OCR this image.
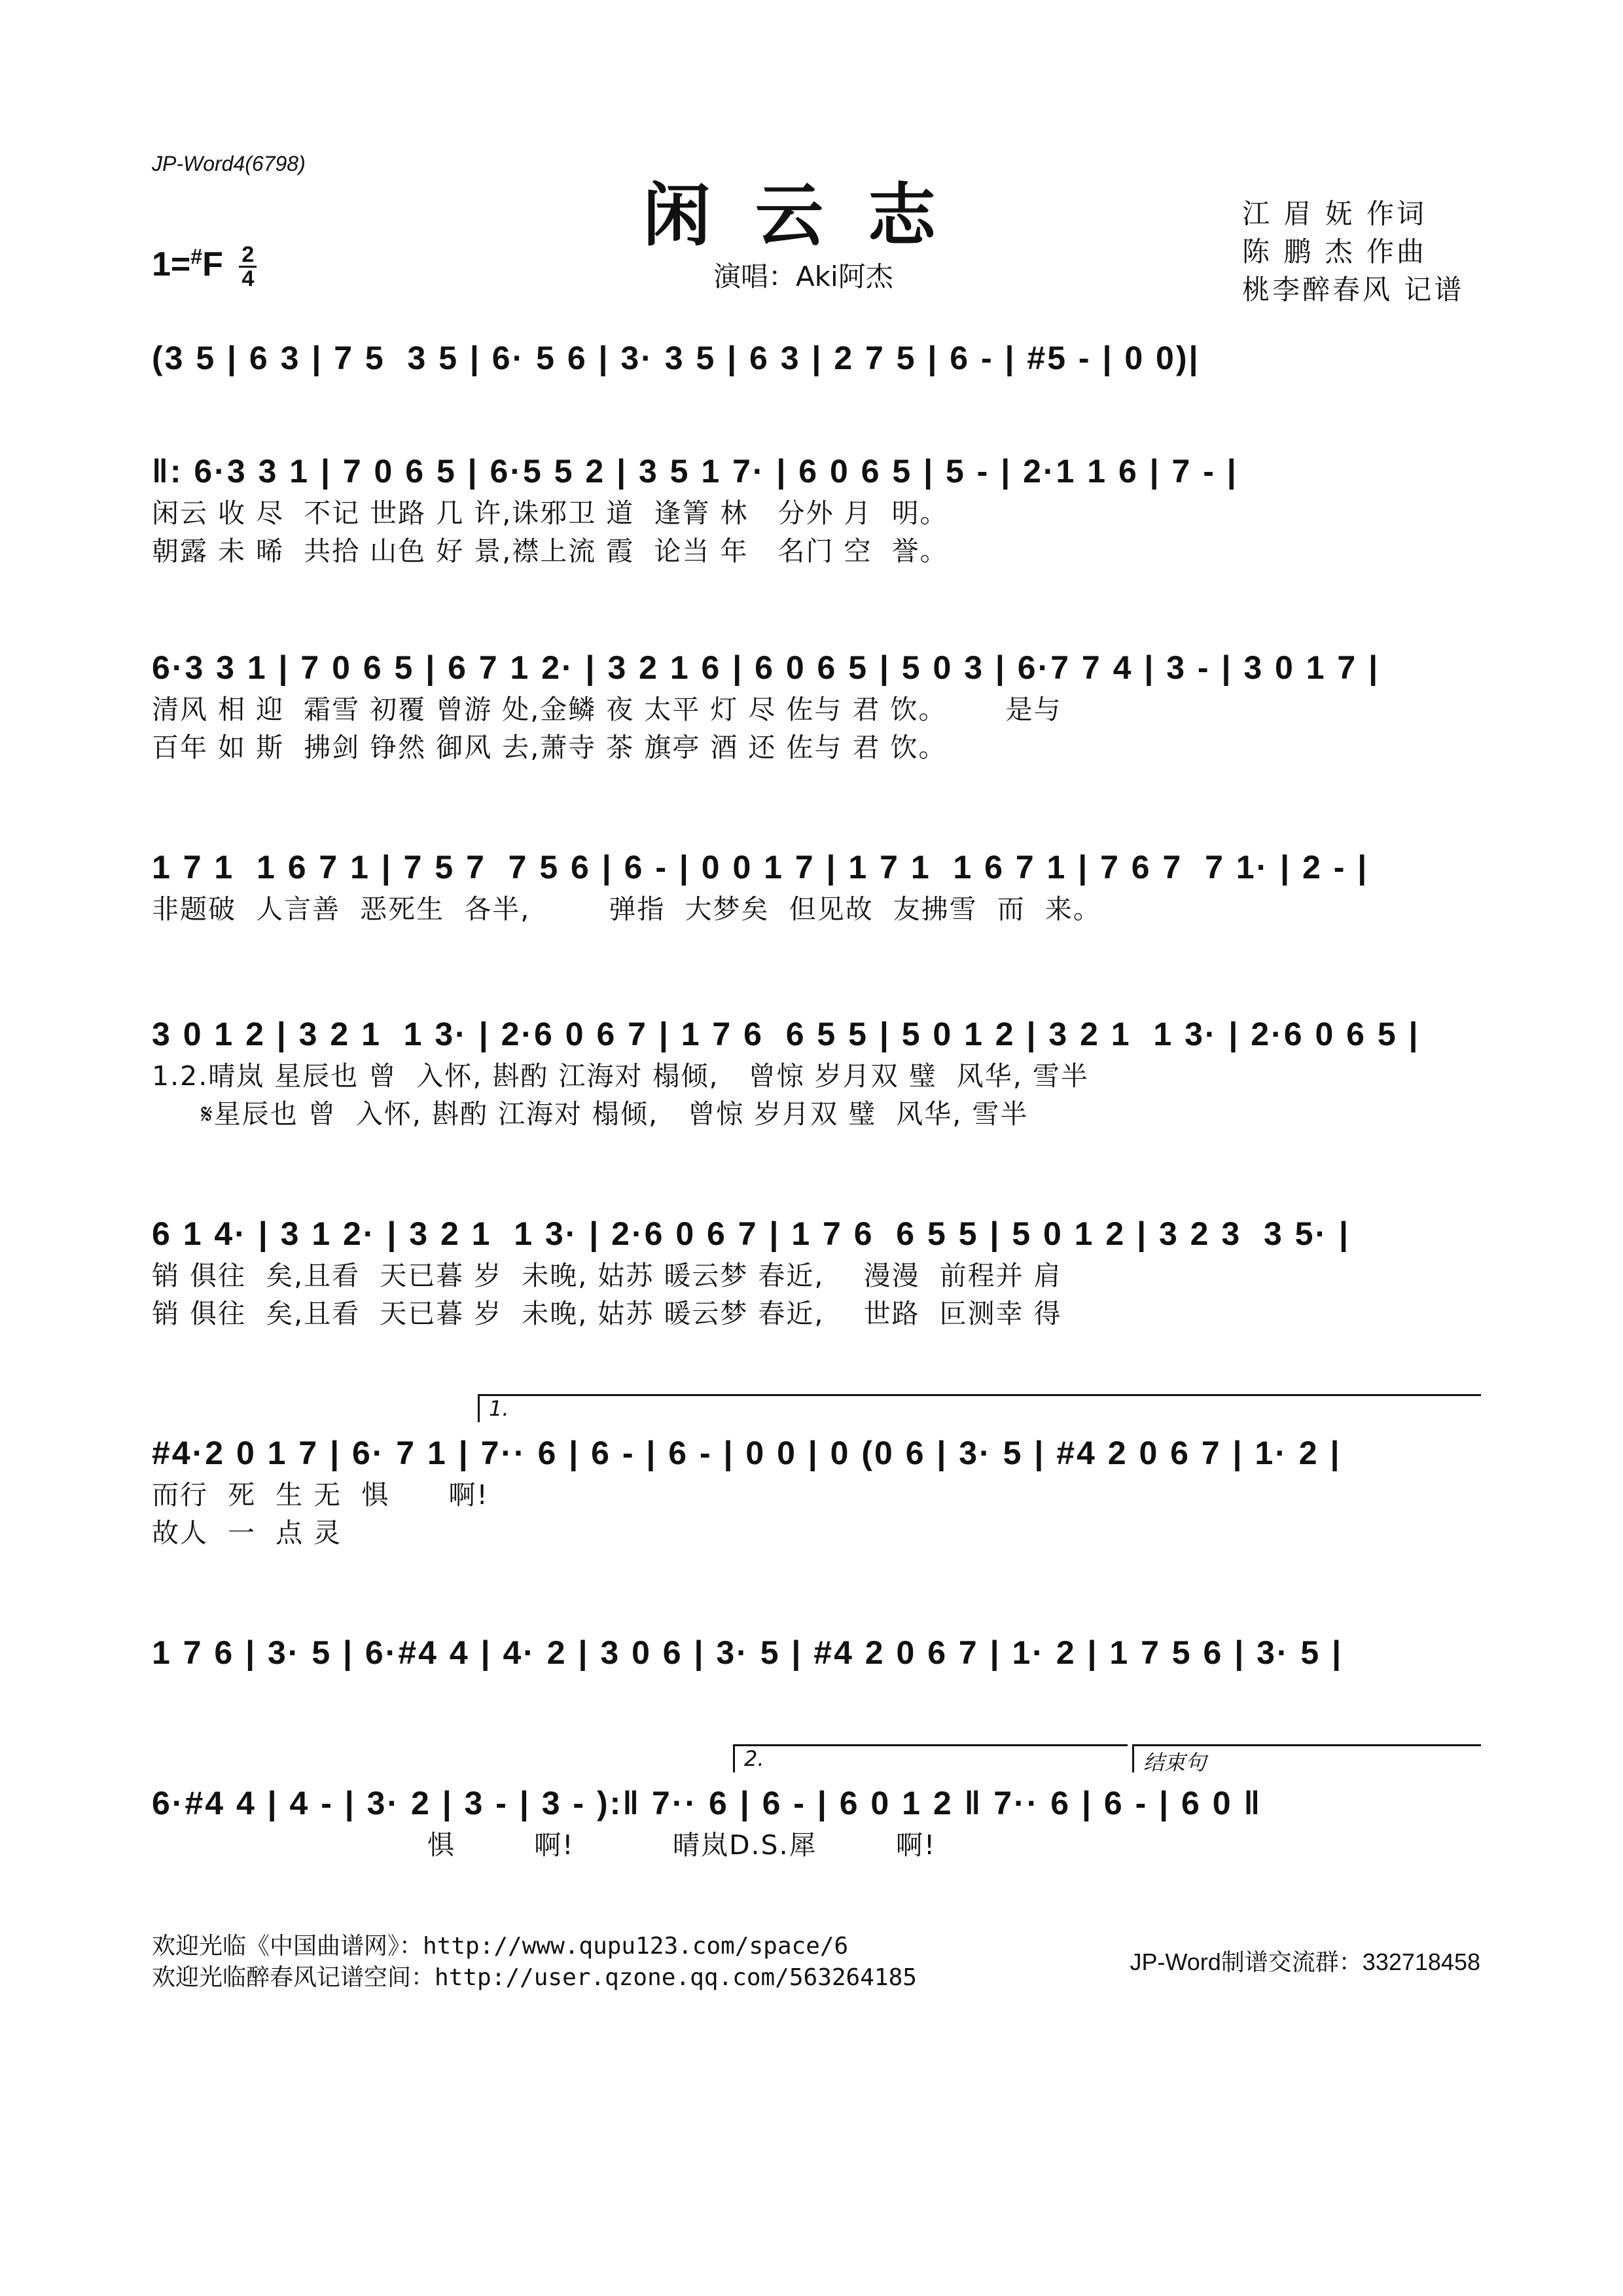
JP-Word4(6798)
闲云志	江 眉 妩 作词
陈 鹏 杰 作曲
桃李醉春风 记谱
$1=^{\#}F \frac{2}{4}$	演唱：Aki阿杰
(3 5 | 6 3 | 7 5  3 5 | 6· 5 6 | 3· 3 5 | 6 3 | 2 7 5 | 6 - | #5 - | 0 0)|
‖: 6·3 3 1 | 7 0 6 5 | 6·5 5 2 | 3 5 1 7· | 6 0 6 5 | 5 - | 2·1 1 6 | 7 - |
闲云 收 尽  不记 世路 几 许,诛邪卫 道  逢箐 林   分外 月  明。
朝露 未 晞  共拾 山色 好 景,襟上流 霞  论当 年   名门 空  誉。
6·3 3 1 | 7 0 6 5 | 6 7 1 2· | 3 2 1 6 | 6 0 6 5 | 5 0 3 | 6·7 7 4 | 3 - | 3 0 1 7 |
清风 相 迎  霜雪 初覆 曾游 处,金鳞 夜 太平 灯 尽 佐与 君 饮。      是与
百年 如 斯  拂剑 铮然 御风 去,萧寺 茶 旗亭 酒 还 佐与 君 饮。
1 7 1  1 6 7 1 | 7 5 7  7 5 6 | 6 - | 0 0 1 7 | 1 7 1  1 6 7 1 | 7 6 7  7 1· | 2 - |
非题破  人言善  恶死生  各半,        弹指  大梦矣  但见故  友拂雪  而  来。
3 0 1 2 | 3 2 1  1 3· | 2·6 0 6 7 | 1 7 6  6 5 5 | 5 0 1 2 | 3 2 1  1 3· | 2·6 0 6 5 |
1.2.晴岚 星辰也 曾  入怀, 斟酌 江海对 榻倾,   曾惊 岁月双 璧  风华, 雪半
𝄋星辰也 曾  入怀, 斟酌 江海对 榻倾,   曾惊 岁月双 璧  风华, 雪半
6 1 4· | 3 1 2· | 3 2 1  1 3· | 2·6 0 6 7 | 1 7 6  6 5 5 | 5 0 1 2 | 3 2 3  3 5· |
销 俱往  矣,且看  天已暮 岁  未晚, 姑苏 暖云梦 春近,    漫漫  前程并 肩
销 俱往  矣,且看  天已暮 岁  未晚, 姑苏 暖云梦 春近,    世路  叵测幸 得
1.
#4·2 0 1 7 | 6· 7 1 | 7·· 6 | 6 - | 6 - | 0 0 | 0 (0 6 | 3· 5 | #4 2 0 6 7 | 1· 2 |
而行  死  生 无  惧      啊!
故人  一  点 灵
1 7 6 | 3· 5 | 6·#4 4 | 4· 2 | 3 0 6 | 3· 5 | #4 2 0 6 7 | 1· 2 | 1 7 5 6 | 3· 5 |
2.	结束句
6·#4 4 | 4 - | 3· 2 | 3 - | 3 - ):‖ 7·· 6 | 6 - | 6 0 1 2 ‖ 7·· 6 | 6 - | 6 0 ‖
惧        啊!          晴岚D.S.犀        啊!
欢迎光临《中国曲谱网》：http://www.qupu123.com/space/6
欢迎光临醉春风记谱空间：http://user.qzone.qq.com/563264185
JP-Word制谱交流群：332718458
